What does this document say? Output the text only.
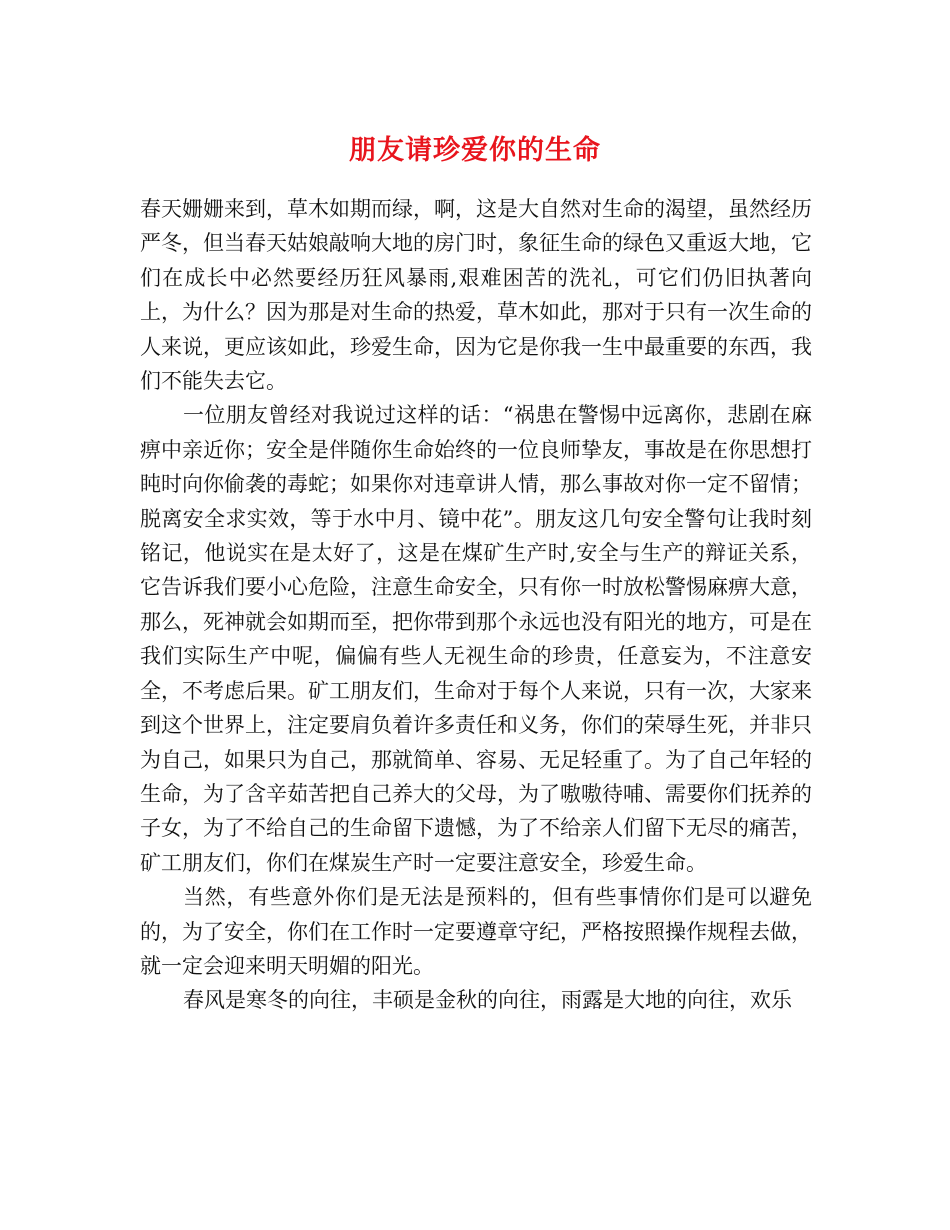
朋友请珍爱你的生命

春天姗姗来到，草木如期而绿，啊，这是大自然对生命的渴望，虽然经历严冬，但当春天姑娘敲响大地的房门时，象征生命的绿色又重返大地，它们在成长中必然要经历狂风暴雨,艰难困苦的洗礼，可它们仍旧执著向上，为什么？因为那是对生命的热爱，草木如此，那对于只有一次生命的人来说，更应该如此，珍爱生命，因为它是你我一生中最重要的东西，我们不能失去它。

一位朋友曾经对我说过这样的话：“祸患在警惕中远离你，悲剧在麻痹中亲近你；安全是伴随你生命始终的一位良师挚友，事故是在你思想打盹时向你偷袭的毒蛇；如果你对违章讲人情，那么事故对你一定不留情；脱离安全求实效，等于水中月、镜中花”。朋友这几句安全警句让我时刻铭记，他说实在是太好了，这是在煤矿生产时,安全与生产的辩证关系，它告诉我们要小心危险，注意生命安全，只有你一时放松警惕麻痹大意，那么，死神就会如期而至，把你带到那个永远也没有阳光的地方，可是在我们实际生产中呢，偏偏有些人无视生命的珍贵，任意妄为，不注意安全，不考虑后果。矿工朋友们，生命对于每个人来说，只有一次，大家来到这个世界上，注定要肩负着许多责任和义务，你们的荣辱生死，并非只为自己，如果只为自己，那就简单、容易、无足轻重了。为了自己年轻的生命，为了含辛茹苦把自己养大的父母，为了嗷嗷待哺、需要你们抚养的子女，为了不给自己的生命留下遗憾，为了不给亲人们留下无尽的痛苦，矿工朋友们，你们在煤炭生产时一定要注意安全，珍爱生命。

当然，有些意外你们是无法是预料的，但有些事情你们是可以避免的，为了安全，你们在工作时一定要遵章守纪，严格按照操作规程去做，就一定会迎来明天明媚的阳光。

春风是寒冬的向往，丰硕是金秋的向往，雨露是大地的向往，欢乐
